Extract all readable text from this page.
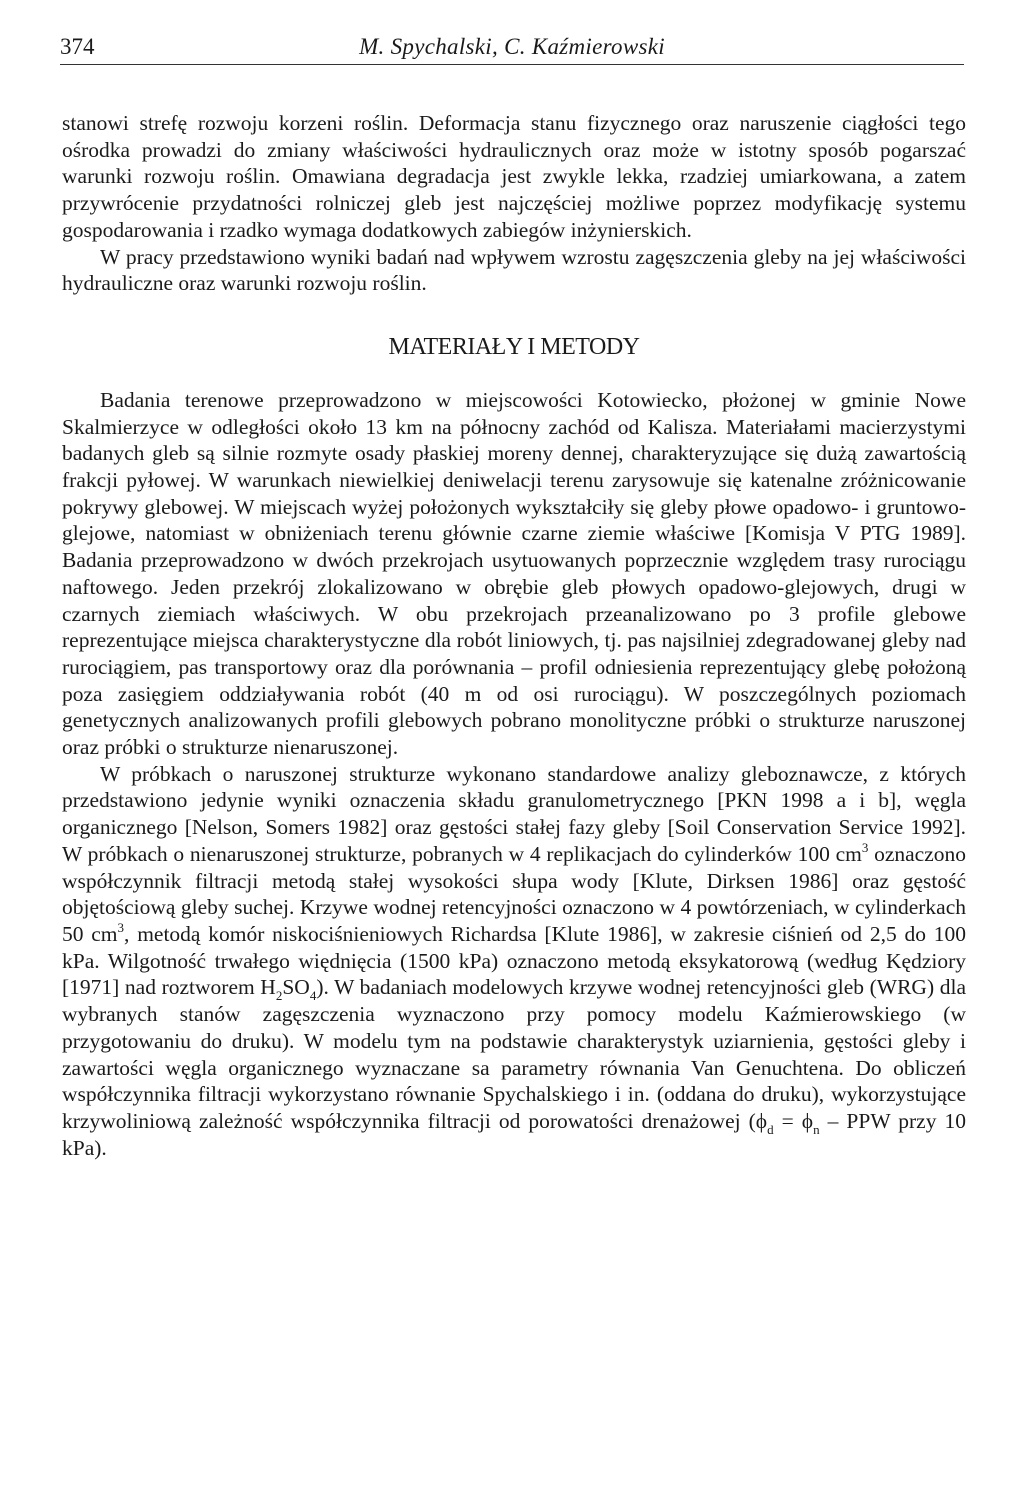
374	M. Spychalski, C. Kaźmierowski

stanowi strefę rozwoju korzeni roślin. Deformacja stanu fizycznego oraz naruszenie ciągłości tego ośrodka prowadzi do zmiany właściwości hydraulicznych oraz może w istotny sposób pogarszać warunki rozwoju roślin. Omawiana degradacja jest zwykle lekka, rzadziej umiarkowana, a zatem przywrócenie przydatności rolniczej gleb jest najczęściej możliwe poprzez modyfikację systemu gospodarowania i rzadko wymaga dodatkowych zabiegów inżynierskich.

W pracy przedstawiono wyniki badań nad wpływem wzrostu zagęszczenia gleby na jej właściwości hydrauliczne oraz warunki rozwoju roślin.

MATERIAŁY I METODY

Badania terenowe przeprowadzono w miejscowości Kotowiecko, płożonej w gminie Nowe Skalmierzyce w odległości około 13 km na północny zachód od Kalisza. Materiałami macierzystymi badanych gleb są silnie rozmyte osady płaskiej moreny dennej, charakteryzujące się dużą zawartością frakcji pyłowej. W warunkach niewielkiej deniwelacji terenu zarysowuje się katenalne zróżnicowanie pokrywy glebowej. W miejscach wyżej położonych wykształciły się gleby płowe opadowo- i gruntowo-glejowe, natomiast w obniżeniach terenu głównie czarne ziemie właściwe [Komisja V PTG 1989]. Badania przeprowadzono w dwóch przekrojach usytuowanych poprzecznie względem trasy rurociągu naftowego. Jeden przekrój zlokalizowano w obrębie gleb płowych opadowo-glejowych, drugi w czarnych ziemiach właściwych. W obu przekrojach przeanalizowano po 3 profile glebowe reprezentujące miejsca charakterystyczne dla robót liniowych, tj. pas najsilniej zdegradowanej gleby nad rurociągiem, pas transportowy oraz dla porównania – profil odniesienia reprezentujący glebę położoną poza zasięgiem oddziaływania robót (40 m od osi rurociągu). W poszczególnych poziomach genetycznych analizowanych profili glebowych pobrano monolityczne próbki o strukturze naruszonej oraz próbki o strukturze nienaruszonej.

W próbkach o naruszonej strukturze wykonano standardowe analizy gleboznawcze, z których przedstawiono jedynie wyniki oznaczenia składu granulometrycznego [PKN 1998 a i b], węgla organicznego [Nelson, Somers 1982] oraz gęstości stałej fazy gleby [Soil Conservation Service 1992]. W próbkach o nienaruszonej strukturze, pobranych w 4 replikacjach do cylinderków 100 $cm^3$ oznaczono współczynnik filtracji metodą stałej wysokości słupa wody [Klute, Dirksen 1986] oraz gęstość objętościową gleby suchej. Krzywe wodnej retencyjności oznaczono w 4 powtórzeniach, w cylinderkach 50 $cm^3$, metodą komór niskociśnieniowych Richardsa [Klute 1986], w zakresie ciśnień od 2,5 do 100 kPa. Wilgotność trwałego więdnięcia (1500 kPa) oznaczono metodą eksykatorową (według Kędziory [1971] nad roztworem $H_2SO_4$). W badaniach modelowych krzywe wodnej retencyjności gleb (WRG) dla wybranych stanów zagęszczenia wyznaczono przy pomocy modelu Kaźmierowskiego (w przygotowaniu do druku). W modelu tym na podstawie charakterystyk uziarnienia, gęstości gleby i zawartości węgla organicznego wyznaczane sa parametry równania Van Genuchtena. Do obliczeń współczynnika filtracji wykorzystano równanie Spychalskiego i in. (oddana do druku), wykorzystujące krzywoliniową zależność współczynnika filtracji od porowatości drenażowej ($\phi_d = \phi_n$ – PPW przy 10 kPa).
